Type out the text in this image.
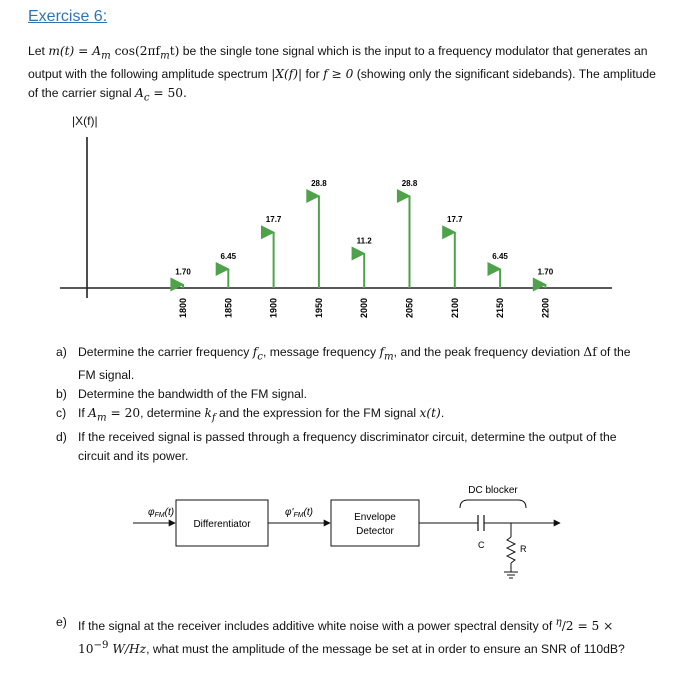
Exercise 6:
Let $m(t) = A_m$ $\cos(2\pi f_mt)$ be the single tone signal which is the input to a frequency modulator that generates an output with the following amplitude spectrum |X(f)| for f ≥ 0 (showing only the significant sidebands). The amplitude of the carrier signal $A_c = 50$.
|X(f)|
1.70
1800
6.45
1850
17.7
1900
28.8
1950
11.2
2000
28.8
2050
17.7
2100
6.45
2150
1.70
2200
a) Determine the carrier frequency $f_c$, message frequency $f_m$, and the peak frequency deviation Δf of the FM signal.
b) Determine the bandwidth of the FM signal.
c) If $A_m = 20$, determine $k_f$ and the expression for the FM signal x(t).
d) If the received signal is passed through a frequency discriminator circuit, determine the output of the circuit and its power.
$\varphi_{FM}(t)$
Differentiator
$\varphi'_{FM}(t)$	Envelope
Detector
DC blocker
C	R
e) If the signal at the receiver includes additive white noise with a power spectral density of $^\eta/2 = 5 \times 10^{-9}$ W/Hz, what must the amplitude of the message be set at in order to ensure an SNR of 110dB?
